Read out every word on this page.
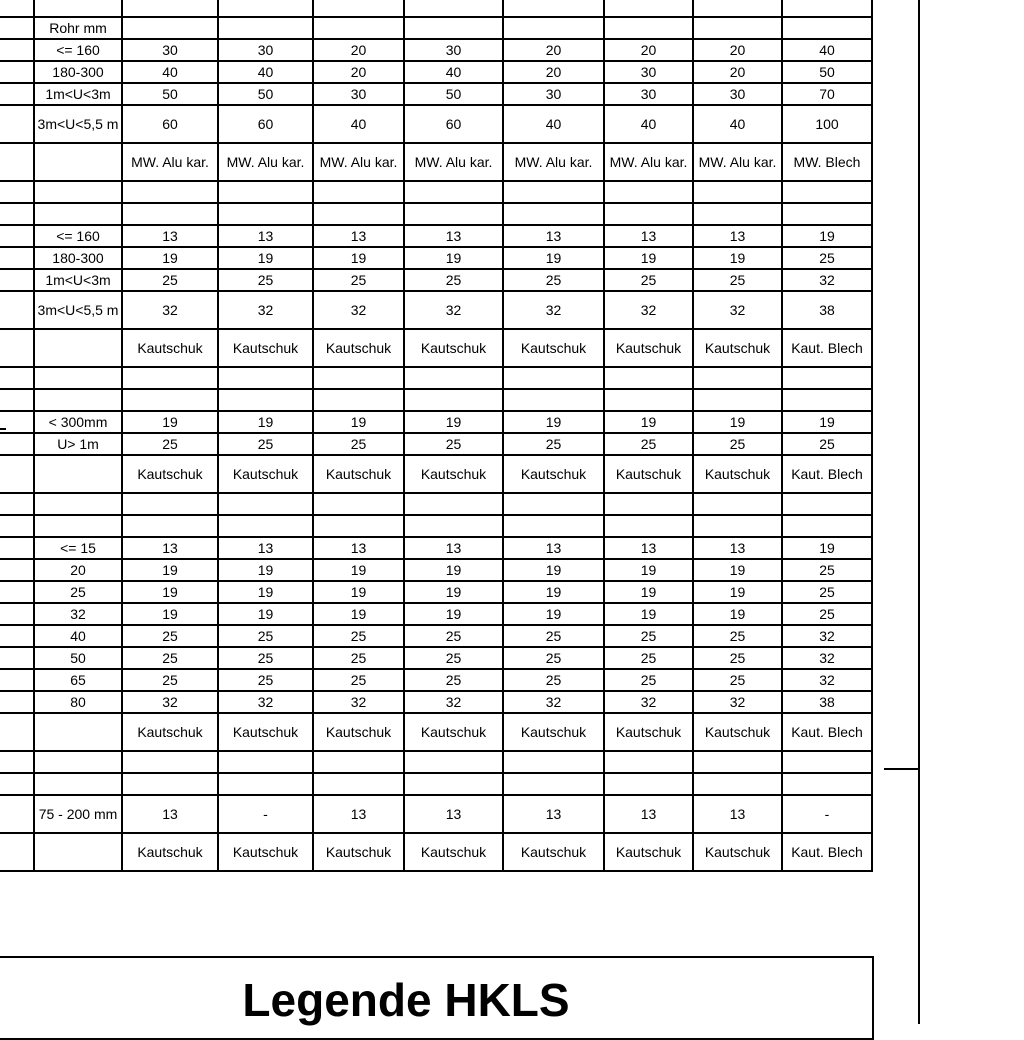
	Rohr mm								
	<= 160	30	30	20	30	20	20	20	40
	180-300	40	40	20	40	20	30	20	50
	1m<U<3m	50	50	30	50	30	30	30	70
	3m<U<5,5 m	60	60	40	60	40	40	40	100
		MW. Alu kar.	MW. Alu kar.	MW. Alu kar.	MW. Alu kar.	MW. Alu kar.	MW. Alu kar.	MW. Alu kar.	MW. Blech

	<= 160	13	13	13	13	13	13	13	19
	180-300	19	19	19	19	19	19	19	25
	1m<U<3m	25	25	25	25	25	25	25	32
	3m<U<5,5 m	32	32	32	32	32	32	32	38
		Kautschuk	Kautschuk	Kautschuk	Kautschuk	Kautschuk	Kautschuk	Kautschuk	Kaut. Blech

	< 300mm	19	19	19	19	19	19	19	19
	U> 1m	25	25	25	25	25	25	25	25
		Kautschuk	Kautschuk	Kautschuk	Kautschuk	Kautschuk	Kautschuk	Kautschuk	Kaut. Blech

	<= 15	13	13	13	13	13	13	13	19
	20	19	19	19	19	19	19	19	25
	25	19	19	19	19	19	19	19	25
	32	19	19	19	19	19	19	19	25
	40	25	25	25	25	25	25	25	32
	50	25	25	25	25	25	25	25	32
	65	25	25	25	25	25	25	25	32
	80	32	32	32	32	32	32	32	38
		Kautschuk	Kautschuk	Kautschuk	Kautschuk	Kautschuk	Kautschuk	Kautschuk	Kaut. Blech

	75 - 200 mm	13	-	13	13	13	13	13	-
		Kautschuk	Kautschuk	Kautschuk	Kautschuk	Kautschuk	Kautschuk	Kautschuk	Kaut. Blech
Legende HKLS
